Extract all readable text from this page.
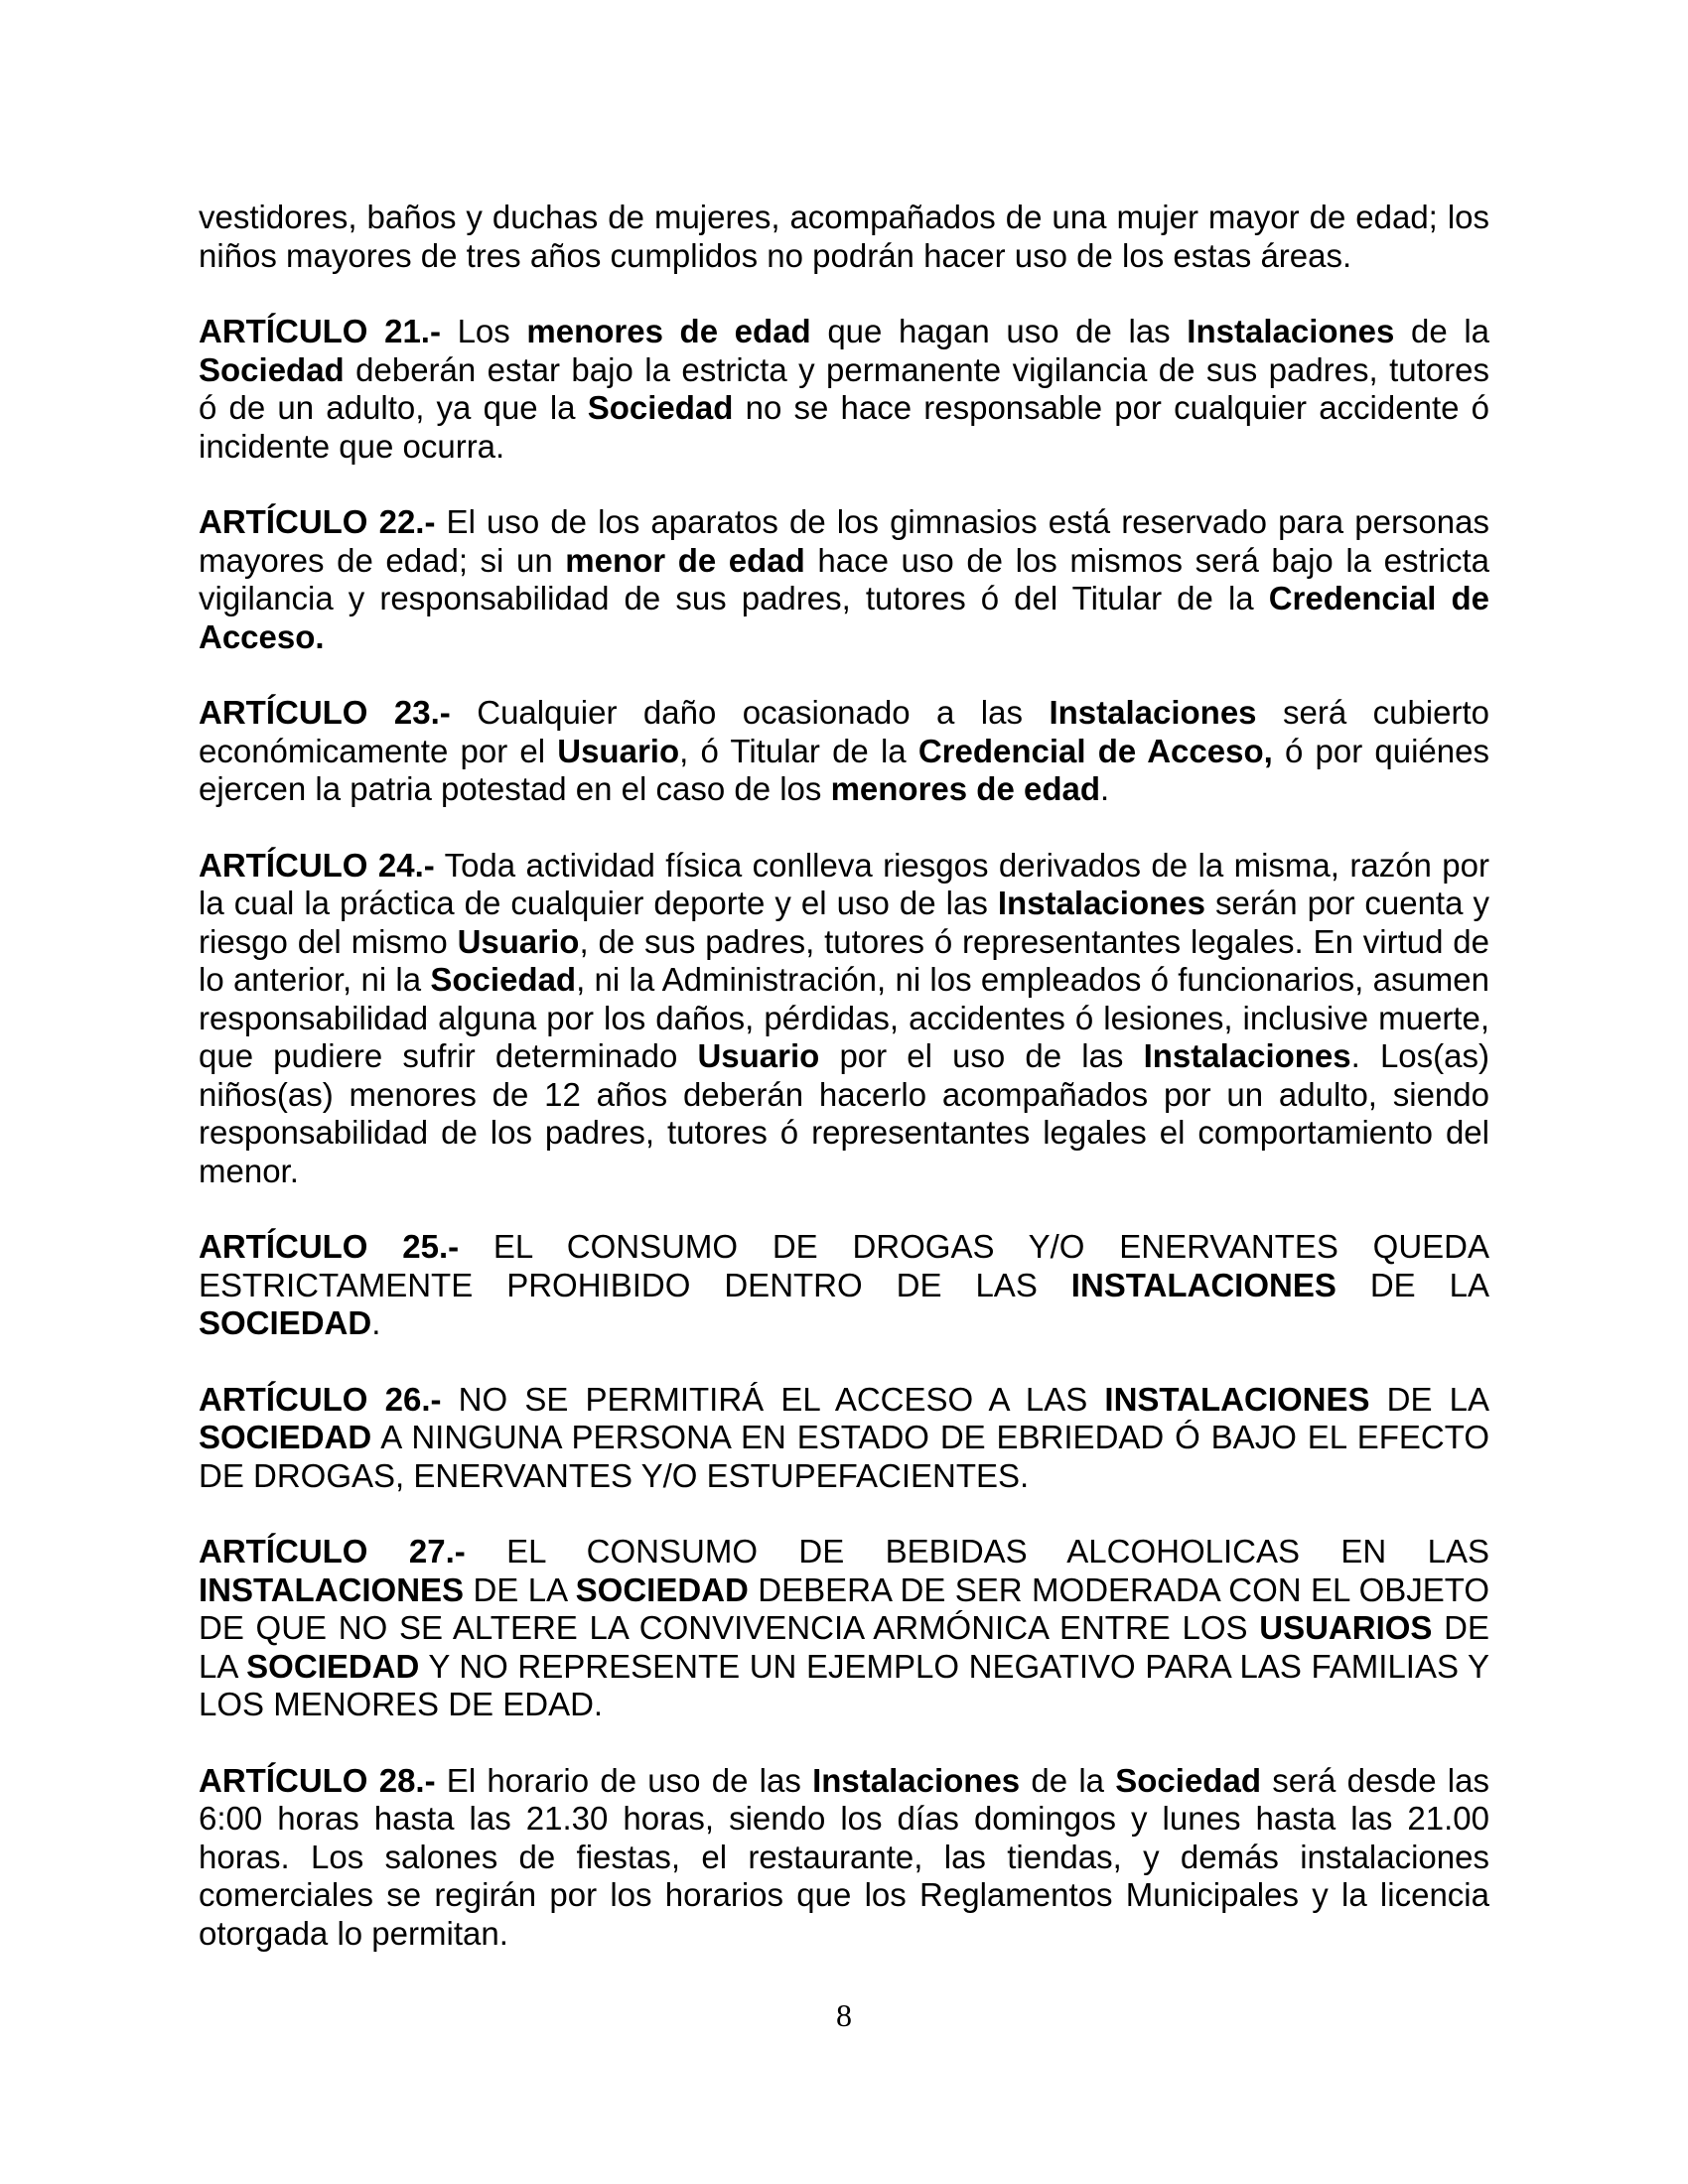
vestidores, baños y duchas de mujeres, acompañados de una mujer mayor de edad; los niños mayores de tres años cumplidos no podrán hacer uso de los estas áreas.

ARTÍCULO 21.- Los menores de edad que hagan uso de las Instalaciones de la Sociedad deberán estar bajo la estricta y permanente vigilancia de sus padres, tutores ó de un adulto, ya que la Sociedad no se hace responsable por cualquier accidente ó incidente que ocurra.

ARTÍCULO 22.- El uso de los aparatos de los gimnasios está reservado para personas mayores de edad; si un menor de edad hace uso de los mismos será bajo la estricta vigilancia y responsabilidad de sus padres, tutores ó del Titular de la Credencial de Acceso.

ARTÍCULO 23.- Cualquier daño ocasionado a las Instalaciones será cubierto económicamente por el Usuario, ó Titular de la Credencial de Acceso, ó por quiénes ejercen la patria potestad en el caso de los menores de edad.

ARTÍCULO 24.- Toda actividad física conlleva riesgos derivados de la misma, razón por la cual la práctica de cualquier deporte y el uso de las Instalaciones serán por cuenta y riesgo del mismo Usuario, de sus padres, tutores ó representantes legales. En virtud de lo anterior, ni la Sociedad, ni la Administración, ni los empleados ó funcionarios, asumen responsabilidad alguna por los daños, pérdidas, accidentes ó lesiones, inclusive muerte, que pudiere sufrir determinado Usuario por el uso de las Instalaciones. Los(as) niños(as) menores de 12 años deberán hacerlo acompañados por un adulto, siendo responsabilidad de los padres, tutores ó representantes legales el comportamiento del menor.

ARTÍCULO 25.- EL CONSUMO DE DROGAS Y/O ENERVANTES QUEDA ESTRICTAMENTE PROHIBIDO DENTRO DE LAS INSTALACIONES DE LA SOCIEDAD.

ARTÍCULO 26.- NO SE PERMITIRÁ EL ACCESO A LAS INSTALACIONES DE LA SOCIEDAD A NINGUNA PERSONA EN ESTADO DE EBRIEDAD Ó BAJO EL EFECTO DE DROGAS, ENERVANTES Y/O ESTUPEFACIENTES.

ARTÍCULO 27.- EL CONSUMO DE BEBIDAS ALCOHOLICAS EN LAS INSTALACIONES DE LA SOCIEDAD DEBERA DE SER MODERADA CON EL OBJETO DE QUE NO SE ALTERE LA CONVIVENCIA ARMÓNICA ENTRE LOS USUARIOS DE LA SOCIEDAD Y NO REPRESENTE UN EJEMPLO NEGATIVO PARA LAS FAMILIAS Y LOS MENORES DE EDAD.

ARTÍCULO 28.- El horario de uso de las Instalaciones de la Sociedad será desde las 6:00 horas hasta las 21.30 horas, siendo los días domingos y lunes hasta las 21.00 horas. Los salones de fiestas, el restaurante, las tiendas, y demás instalaciones comerciales se regirán por los horarios que los Reglamentos Municipales y la licencia otorgada lo permitan.

8
